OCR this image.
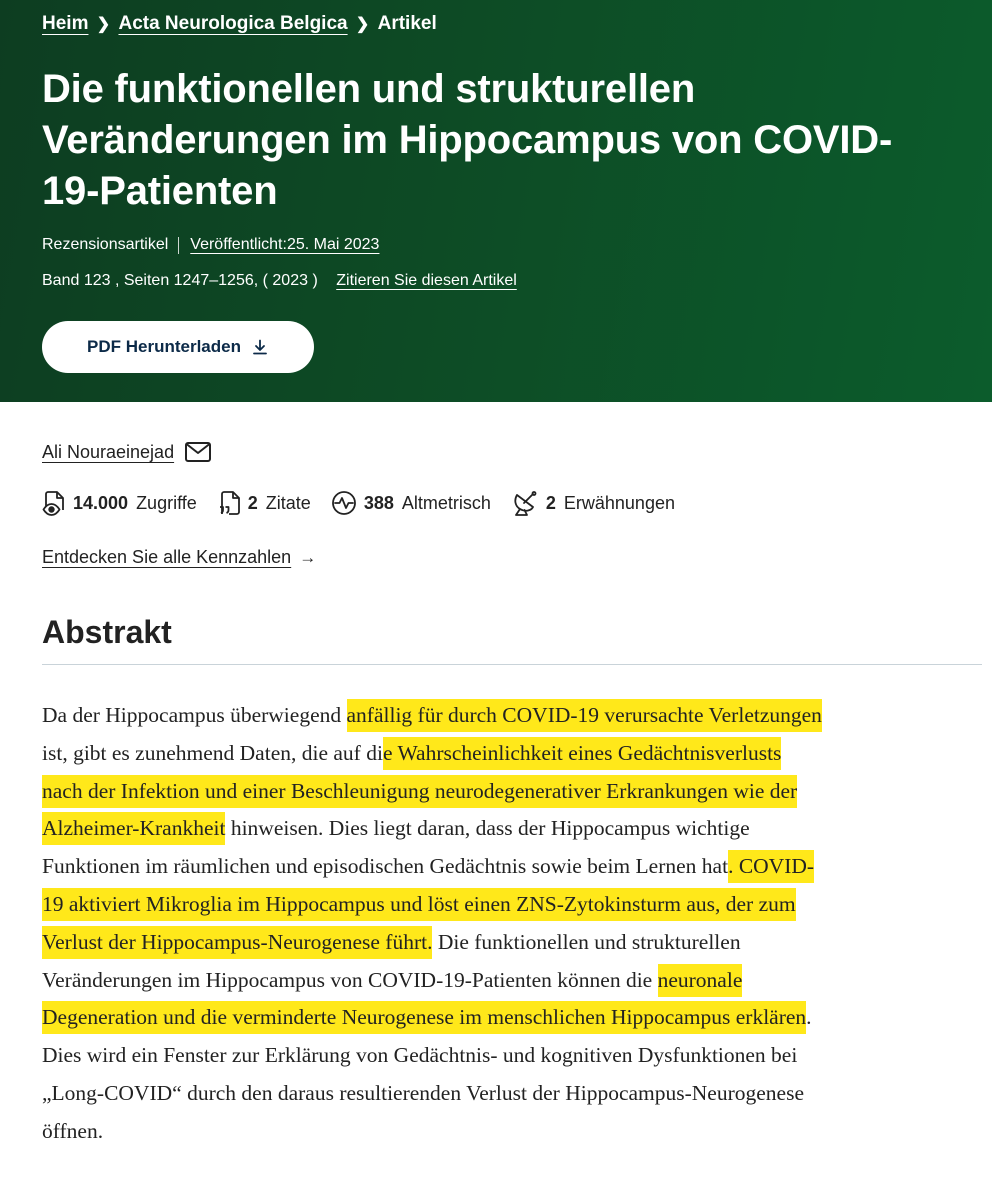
Heim ❯ Acta Neurologica Belgica ❯ Artikel
Die funktionellen und strukturellen Veränderungen im Hippocampus von COVID-19-Patienten
Rezensionsartikel Veröffentlicht:25. Mai 2023
Band 123 , Seiten 1247–1256, ( 2023 ) Zitieren Sie diesen Artikel
PDF Herunterladen
Ali Nouraeinejad
14.000 Zugriffe	2 Zitate	388 Altmetrisch	2 Erwähnungen
Entdecken Sie alle Kennzahlen →
Abstrakt
Da der Hippocampus überwiegend anfällig für durch COVID-19 verursachte Verletzungen
ist, gibt es zunehmend Daten, die auf die Wahrscheinlichkeit eines Gedächtnisverlusts
nach der Infektion und einer Beschleunigung neurodegenerativer Erkrankungen wie der
Alzheimer-Krankheit hinweisen. Dies liegt daran, dass der Hippocampus wichtige
Funktionen im räumlichen und episodischen Gedächtnis sowie beim Lernen hat. COVID-
19 aktiviert Mikroglia im Hippocampus und löst einen ZNS-Zytokinsturm aus, der zum
Verlust der Hippocampus-Neurogenese führt. Die funktionellen und strukturellen
Veränderungen im Hippocampus von COVID-19-Patienten können die neuronale
Degeneration und die verminderte Neurogenese im menschlichen Hippocampus erklären.
Dies wird ein Fenster zur Erklärung von Gedächtnis- und kognitiven Dysfunktionen bei
„Long-COVID“ durch den daraus resultierenden Verlust der Hippocampus-Neurogenese
öffnen.
